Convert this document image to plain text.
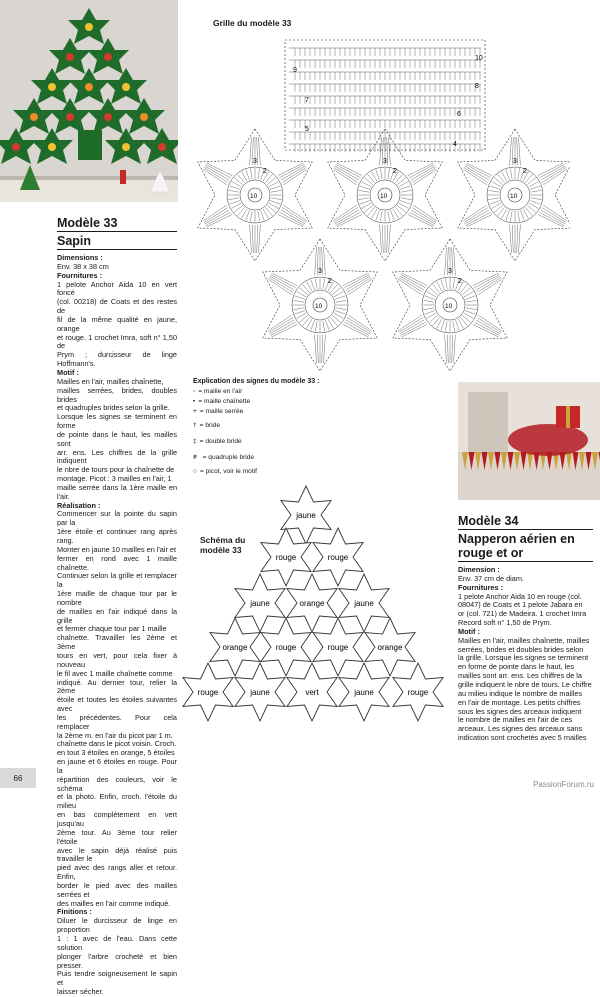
Modèle 33
Sapin
Dimensions :
Env. 38 x 38 cm
Fournitures :
1 pelote Anchor Aida 10 en vert foncé
(col. 00218) de Coats et des restes de
fil de la même qualité en jaune, orange
et rouge. 1 crochet Imra, soft n° 1,50 de
Prym ; durcisseur de linge Hoffmann's.
Motif :
Mailles en l'air, mailles chaînette,
mailles serrées, brides, doubles brides
et quadruples brides selon la grille.
Lorsque les signes se terminent en forme
de pointe dans le haut, les mailles sont
arr. ens. Les chiffres de la grille indiquent
le nbre de tours pour la chaînette de
montage. Picot : 3 mailles en l'air, 1
maille serrée dans la 1ère maille en l'air.
Réalisation :
Commencer sur la pointe du sapin par la
1ère étoile et continuer rang après rang.
Monter en jaune 10 mailles en l'air et
fermer en rond avec 1 maille chaînette.
Continuer selon la grille et remplacer la
1ère maille de chaque tour par le nombre
de mailles en l'air indiqué dans la grille
et fermer chaque tour par 1 maille
chaînette. Travailler les 2ème et 3ème
tours en vert, pour cela fixer à nouveau
le fil avec 1 maille chaînette comme
indiqué. Au dernier tour, relier la 2ème
étoile et toutes les étoiles suivantes avec
les précédentes. Pour cela remplacer
la 2ème m. en l'air du picot par 1 m.
chaînette dans le picot voisin. Croch.
en tout 3 étoiles en orange, 5 étoiles
en jaune et 6 étoiles en rouge. Pour la
répartition des couleurs, voir le schéma
et la photo. Enfin, croch. l'étoile du milieu
en bas complètement en vert jusqu'au
2ème tour. Au 3ème tour relier l'étoile
avec le sapin déjà réalisé puis travailler le
pied avec des rangs aller et retour. Enfin,
border le pied avec des mailles serrées et
des mailles en l'air comme indiqué.
Finitions :
Diluer le durcisseur de linge en proportion
1 : 1 avec de l'eau. Dans cette solution
plonger l'arbre crocheté et bien presser.
Puis tendre soigneusement le sapin et
laisser sécher.
Grille du modèle 33
10
9
8
7
6
5
4
3
2
10
3
2
10
3
2
10
3
2
10
3
2
10
Explication des signes du modèle 33 :
◦ = maille en l'air
• = maille chaînette
+ = maille serrée
† = bride
‡ = double bride
≢ = quadruple bride
○ = picot, voir le motif
Schéma du
modèle 33
jaune
rouge	rouge
jaune	orange	jaune
orange	rouge	rouge	orange
rouge	jaune	vert	jaune	rouge
Modèle 34
Napperon aérien en
rouge et or
Dimension :
Env. 37 cm de diam.
Fournitures :
1 pelote Anchor Aida 10 en rouge (col.
08047) de Coats et 1 pelote Jabara en
or (col. 721) de Madeira. 1 crochet Imra
Record soft n° 1,50 de Prym.
Motif :
Mailles en l'air, mailles chaînette, mailles
serrées, brides et doubles brides selon
la grille. Lorsque les signes se terminent
en forme de pointe dans le haut, les
mailles sont arr. ens. Les chiffres de la
grille indiquent le nbre de tours. Le chiffre
au milieu indique le nombre de mailles
en l'air de montage. Les petits chiffres
sous les signes des arceaux indiquent
le nombre de mailles en l'air de ces
arceaux. Les signes des arceaux sans
indication sont crochetés avec 5 mailles
66
PassionForum.ru
